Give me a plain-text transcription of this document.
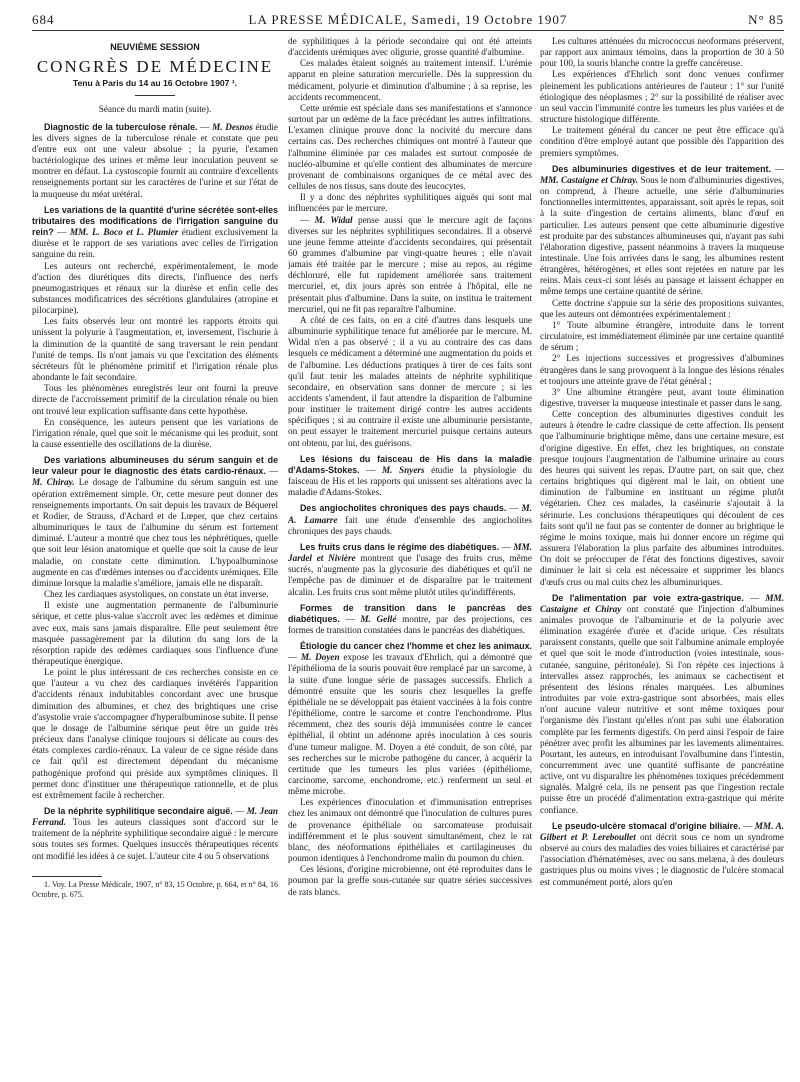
684	LA PRESSE MÉDICALE, Samedi, 19 Octobre 1907	N° 85

NEUVIÈME SESSION

CONGRÈS DE MÉDECINE

Tenu à Paris du 14 au 16 Octobre 1907 ¹.

Séance du mardi matin (suite).

Diagnostic de la tuberculose rénale. — M. Desnos étudie les divers signes de la tuberculose rénale et constate que peu d'entre eux ont une valeur absolue ; la pyurie, l'examen bactériologique des urines et même leur inoculation peuvent se montrer en défaut. La cystoscopie fournit au contraire d'excellents renseignements portant sur les caractères de l'urine et sur l'état de la muqueuse du méat urétéral.

Les variations de la quantité d'urine sécrétée sont-elles tributaires des modifications de l'irrigation sanguine du rein? — MM. L. Boco et L. Plumier étudient exclusivement la diurèse et le rapport de ses variations avec celles de l'irrigation sanguine du rein.

Les auteurs ont recherché, expérimentalement, le mode d'action des diurétiques dits directs, l'influence des nerfs pneumogastriques et rénaux sur la diurèse et enfin celle des substances modificatrices des sécrétions glandulaires (atropine et pilocarpine).

Les faits observés leur ont montré les rapports étroits qui unissent la polyurie à l'augmentation, et, inversement, l'ischurie à la diminution de la quantité de sang traversant le rein pendant l'unité de temps. Ils n'ont jamais vu que l'excitation des éléments sécréteurs fût le phénomène primitif et l'irrigation rénale plus abondante le fait secondaire.

Tous les phénomènes enregistrés leur ont fourni la preuve directe de l'accroissement primitif de la circulation rénale ou bien ont trouvé leur explication suffisante dans cette hypothèse.

En conséquence, les auteurs pensent que les variations de l'irrigation rénale, quel que soit le mécanisme qui les produit, sont la cause essentielle des oscillations de la diurèse.

Des variations albumineuses du sérum sanguin et de leur valeur pour le diagnostic des états cardio-rénaux. — M. Chiray. Le dosage de l'albumine du sérum sanguin est une opération extrêmement simple. Or, cette mesure peut donner des renseignements importants. On sait depuis les travaux de Béquerel et Rodier, de Strauss, d'Achard et de Lœper, que chez certains albuminuriques le taux de l'albumine du sérum est fortement diminué. L'auteur a montré que chez tous les néphrétiques, quelle que soit leur lésion anatomique et quelle que soit la cause de leur maladie, on constate cette diminution. L'hypoalbuminose augmente en cas d'œdèmes intenses ou d'accidents urémiques. Elle diminue lorsque la maladie s'améliore, jamais elle ne disparaît.

Chez les cardiaques asystoliques, on constate un état inverse.

Il existe une augmentation permanente de l'albuminurie sérique, et cette plus-value s'accroît avec les œdèmes et diminue avec eux, mais sans jamais disparaître. Elle peut seulement être masquée passagèrement par la dilution du sang lors de la résorption rapide des œdèmes cardiaques sous l'influence d'une thérapeutique énergique.

Le point le plus intéressant de ces recherches consiste en ce que l'auteur a vu chez des cardiaques invétérés l'apparition d'accidents rénaux indubitables concordant avec une brusque diminution des albumines, et chez des brightiques une crise d'asystolie vraie s'accompagner d'hyperalbuminose subite. Il pense que le dosage de l'albumine sérique peut être un guide très précieux dans l'analyse clinique toujours si délicate au cours des états complexes cardio-rénaux. La valeur de ce signe réside dans ce fait qu'il est directement dépendant du mécanisme pathogénique profond qui préside aux symptômes cliniques. Il permet donc d'instituer une thérapeutique rationnelle, et de plus est extrêmement facile à rechercher.

De la néphrite syphilitique secondaire aiguë. — M. Jean Ferrand. Tous les auteurs classiques sont d'accord sur le traitement de la néphrite syphilitique secondaire aiguë : le mercure sous toutes ses formes. Quelques insuccès thérapeutiques récents ont modifié les idées à ce sujet. L'auteur cite 4 ou 5 observations

1. Voy. La Presse Médicale, 1907, n° 83, 15 Octobre, p. 664, et n° 84, 16 Octobre, p. 675.

de syphilitiques à la période secondaire qui ont été atteints d'accidents urémiques avec oligurie, grosse quantité d'albumine.

Ces malades étaient soignés au traitement intensif. L'urémie apparut en pleine saturation mercurielle. Dès la suppression du médicament, polyurie et diminution d'albumine ; à sa reprise, les accidents recommencent.

Cette urémie est spéciale dans ses manifestations et s'annonce surtout par un œdème de la face précédant les autres infiltrations. L'examen clinique prouve donc la nocivité du mercure dans certains cas. Des recherches chimiques ont montré à l'auteur que l'albumine éliminée par ces malades est surtout composée de nucléo-albumine et qu'elle contient des albuminates de mercure provenant de combinaisons organiques de ce métal avec des cellules de nos tissus, sans doute des leucocytes.

Il y a donc des néphrites syphilitiques aiguës qui sont mal influencées par le mercure.

— M. Widal pense aussi que le mercure agit de façons diverses sur les néphrites syphilitiques secondaires. Il a observé une jeune femme atteinte d'accidents secondaires, qui présentait 60 grammes d'albumine par vingt-quatre heures ; elle n'avait jamais été traitée par le mercure ; mise au repos, au régime déchloruré, elle fut rapidement améliorée sans traitement mercuriel, et, dix jours après son entrée à l'hôpital, elle ne présentait plus d'albumine. Dans la suite, on institua le traitement mercuriel, qui ne fit pas reparaître l'albumine.

A côté de ces faits, on en a cité d'autres dans lesquels une albuminurie syphilitique tenace fut améliorée par le mercure. M. Widal n'en a pas observé ; il a vu au contraire des cas dans lesquels ce médicament a déterminé une augmentation du poids et de l'albumine. Les déductions pratiques à tirer de ces faits sont qu'il faut tenir les malades atteints de néphrite syphilitique secondaire, en observation sans donner de mercure ; si les accidents s'amendent, il faut attendre la disparition de l'albumine pour instituer le traitement dirigé contre les autres accidents spécifiques ; si au contraire il existe une albuminurie persistante, on peut essayer le traitement mercuriel puisque certains auteurs ont obtenu, par lui, des guérisons.

Les lésions du faisceau de His dans la maladie d'Adams-Stokes. — M. Snyers étudie la physiologie du faisceau de His et les rapports qui unissent ses altérations avec la maladie d'Adams-Stokes.

Des angiocholites chroniques des pays chauds. — M. A. Lamarre fait une étude d'ensemble des angiocholites chroniques des pays chauds.

Les fruits crus dans le régime des diabétiques. — MM. Jardel et Nivière montrent que l'usage des fruits crus, même sucrés, n'augmente pas la glycosurie des diabétiques et qu'il ne l'empêche pas de diminuer et de disparaître par le traitement alcalin. Les fruits crus sont même plutôt utiles qu'indifférents.

Formes de transition dans le pancréas des diabétiques. — M. Gellé montre, par des projections, ces formes de transition constatées dans le pancréas des diabétiques.

Étiologie du cancer chez l'homme et chez les animaux. — M. Doyen expose les travaux d'Ehrlich, qui a démontré que l'épithélioma de la souris pouvait être remplacé par un sarcome, à la suite d'une longue série de passages successifs. Ehrlich a démontré ensuite que les souris chez lesquelles la greffe épithéliale ne se développait pas étaient vaccinées à la fois contre l'épithéliome, contre le sarcome et contre l'enchondrome. Plus récemment, chez des souris déjà immunisées contre le cancer épithélial, il obtint un adénome après inoculation à ces souris d'une tumeur maligne. M. Doyen a été conduit, de son côté, par ses recherches sur le microbe pathogène du cancer, à acquérir la certitude que les tumeurs les plus variées (épithéliome, carcinome, sarcome, enchondrome, etc.) renferment un seul et même microbe.

Les expériences d'inoculation et d'immunisation entreprises chez les animaux ont démontré que l'inoculation de cultures pures de provenance épithéliale ou sarcomateuse produisait indifféremment et le plus souvent simultanément, chez le rat blanc, des néoformations épithéliales et cartilagineuses du poumon identiques à l'enchondrome malin du poumon du chien.

Ces lésions, d'origine microbienne, ont été reproduites dans le poumon par la greffe sous-cutanée sur quatre séries successives de rats blancs.

Les cultures atténuées du micrococcus neoformans préservent, par rapport aux animaux témoins, dans la proportion de 30 à 50 pour 100, la souris blanche contre la greffe cancéreuse.

Les expériences d'Ehrlich sont donc venues confirmer pleinement les publications antérieures de l'auteur : 1° sur l'unité étiologique des néoplasmes ; 2° sur la possibilité de réaliser avec un seul vaccin l'immunité contre les tumeurs les plus variées et de structure histologique différente.

Le traitement général du cancer ne peut être efficace qu'à condition d'être employé autant que possible dès l'apparition des premiers symptômes.

Des albuminuries digestives et de leur traitement. — MM. Castaigne et Chiray. Sous le nom d'albuminuries digestives, on comprend, à l'heure actuelle, une série d'albuminuries fonctionnelles intermittentes, apparaissant, soit après le repas, soit à la suite d'ingestion de certains aliments, blanc d'œuf en particulier. Les auteurs pensent que cette albuminurie digestive est produite par des substances albumineuses qui, n'ayant pas subi l'élaboration digestive, passent néanmoins à travers la muqueuse intestinale. Une fois arrivées dans le sang, les albumines restent étrangères, hétérogènes, et elles sont rejetées en nature par les reins. Mais ceux-ci sont lésés au passage et laissent échapper en même temps une certaine quantité de sérine.

Cette doctrine s'appuie sur la série des propositions suivantes, que les auteurs ont démontrées expérimentalement :

1° Toute albumine étrangère, introduite dans le torrent circulatoire, est immédiatement éliminée par une certaine quantité de sérum ;

2° Les injections successives et progressives d'albumines étrangères dans le sang provoquent à la longue des lésions rénales et toujours une atteinte grave de l'état général ;

3° Une albumine étrangère peut, avant toute élimination digestive, traverser la muqueuse intestinale et passer dans le sang.

Cette conception des albuminuries digestives conduit les auteurs à étendre le cadre classique de cette affection. Ils pensent que l'albuminurie brightique même, dans une certaine mesure, est d'origine digestive. En effet, chez les brightiques, on constate presque toujours l'augmentation de l'albumine urinaire au cours des heures qui suivent les repas. D'autre part, on sait que, chez certains brightiques qui digèrent mal le lait, on obtient une diminution de l'albumine en instituant un régime plutôt végétarien. Chez ces malades, la caséinurie s'ajoutait à la sérinurie. Les conclusions thérapeutiques qui découlent de ces faits sont qu'il ne faut pas se contenter de donner au brightique le régime le moins toxique, mais lui donner encore un régime qui assurera l'élaboration la plus parfaite des albumines introduites. On doit se préoccuper de l'état des fonctions digestives, savoir diminuer le lait si cela est nécessaire et supprimer les blancs d'œufs crus ou mal cuits chez les albuminuriques.

De l'alimentation par voie extra-gastrique. — MM. Castaigne et Chiray ont constaté que l'injection d'albumines animales provoque de l'albuminurie et de la polyurie avec élimination exagérée d'urée et d'acide urique. Ces résultats paraissent constants, quelle que soit l'albumine animale employée et quel que soit le mode d'introduction (voies intestinale, sous-cutanée, sanguine, péritonéale). Si l'on répète ces injections à intervalles assez rapprochés, les animaux se cachectisent et présentent des lésions rénales marquées. Les albumines introduites par voie extra-gastrique sont absorbées, mais elles n'ont aucune valeur nutritive et sont même toxiques pour l'organisme dès l'instant qu'elles n'ont pas subi une élaboration complète par les ferments digestifs. On perd ainsi l'espoir de faire pénétrer avec profit les albumines par les lavements alimentaires. Pourtant, les auteurs, en introduisant l'ovalbumine dans l'intestin, concurremment avec une quantité suffisante de pancréatine active, ont vu disparaître les phénomènes toxiques précédemment signalés. Malgré cela, ils ne pensent pas que l'ingestion rectale puisse être un procédé d'alimentation extra-gastrique qui mérite confiance.

Le pseudo-ulcère stomacal d'origine biliaire. — MM. A. Gilbert et P. Lereboullet ont décrit sous ce nom un syndrome observé au cours des maladies des voies biliaires et caractérisé par l'association d'hématémèses, avec ou sans melæna, à des douleurs gastriques plus ou moins vives ; le diagnostic de l'ulcère stomacal est communément porté, alors qu'en
